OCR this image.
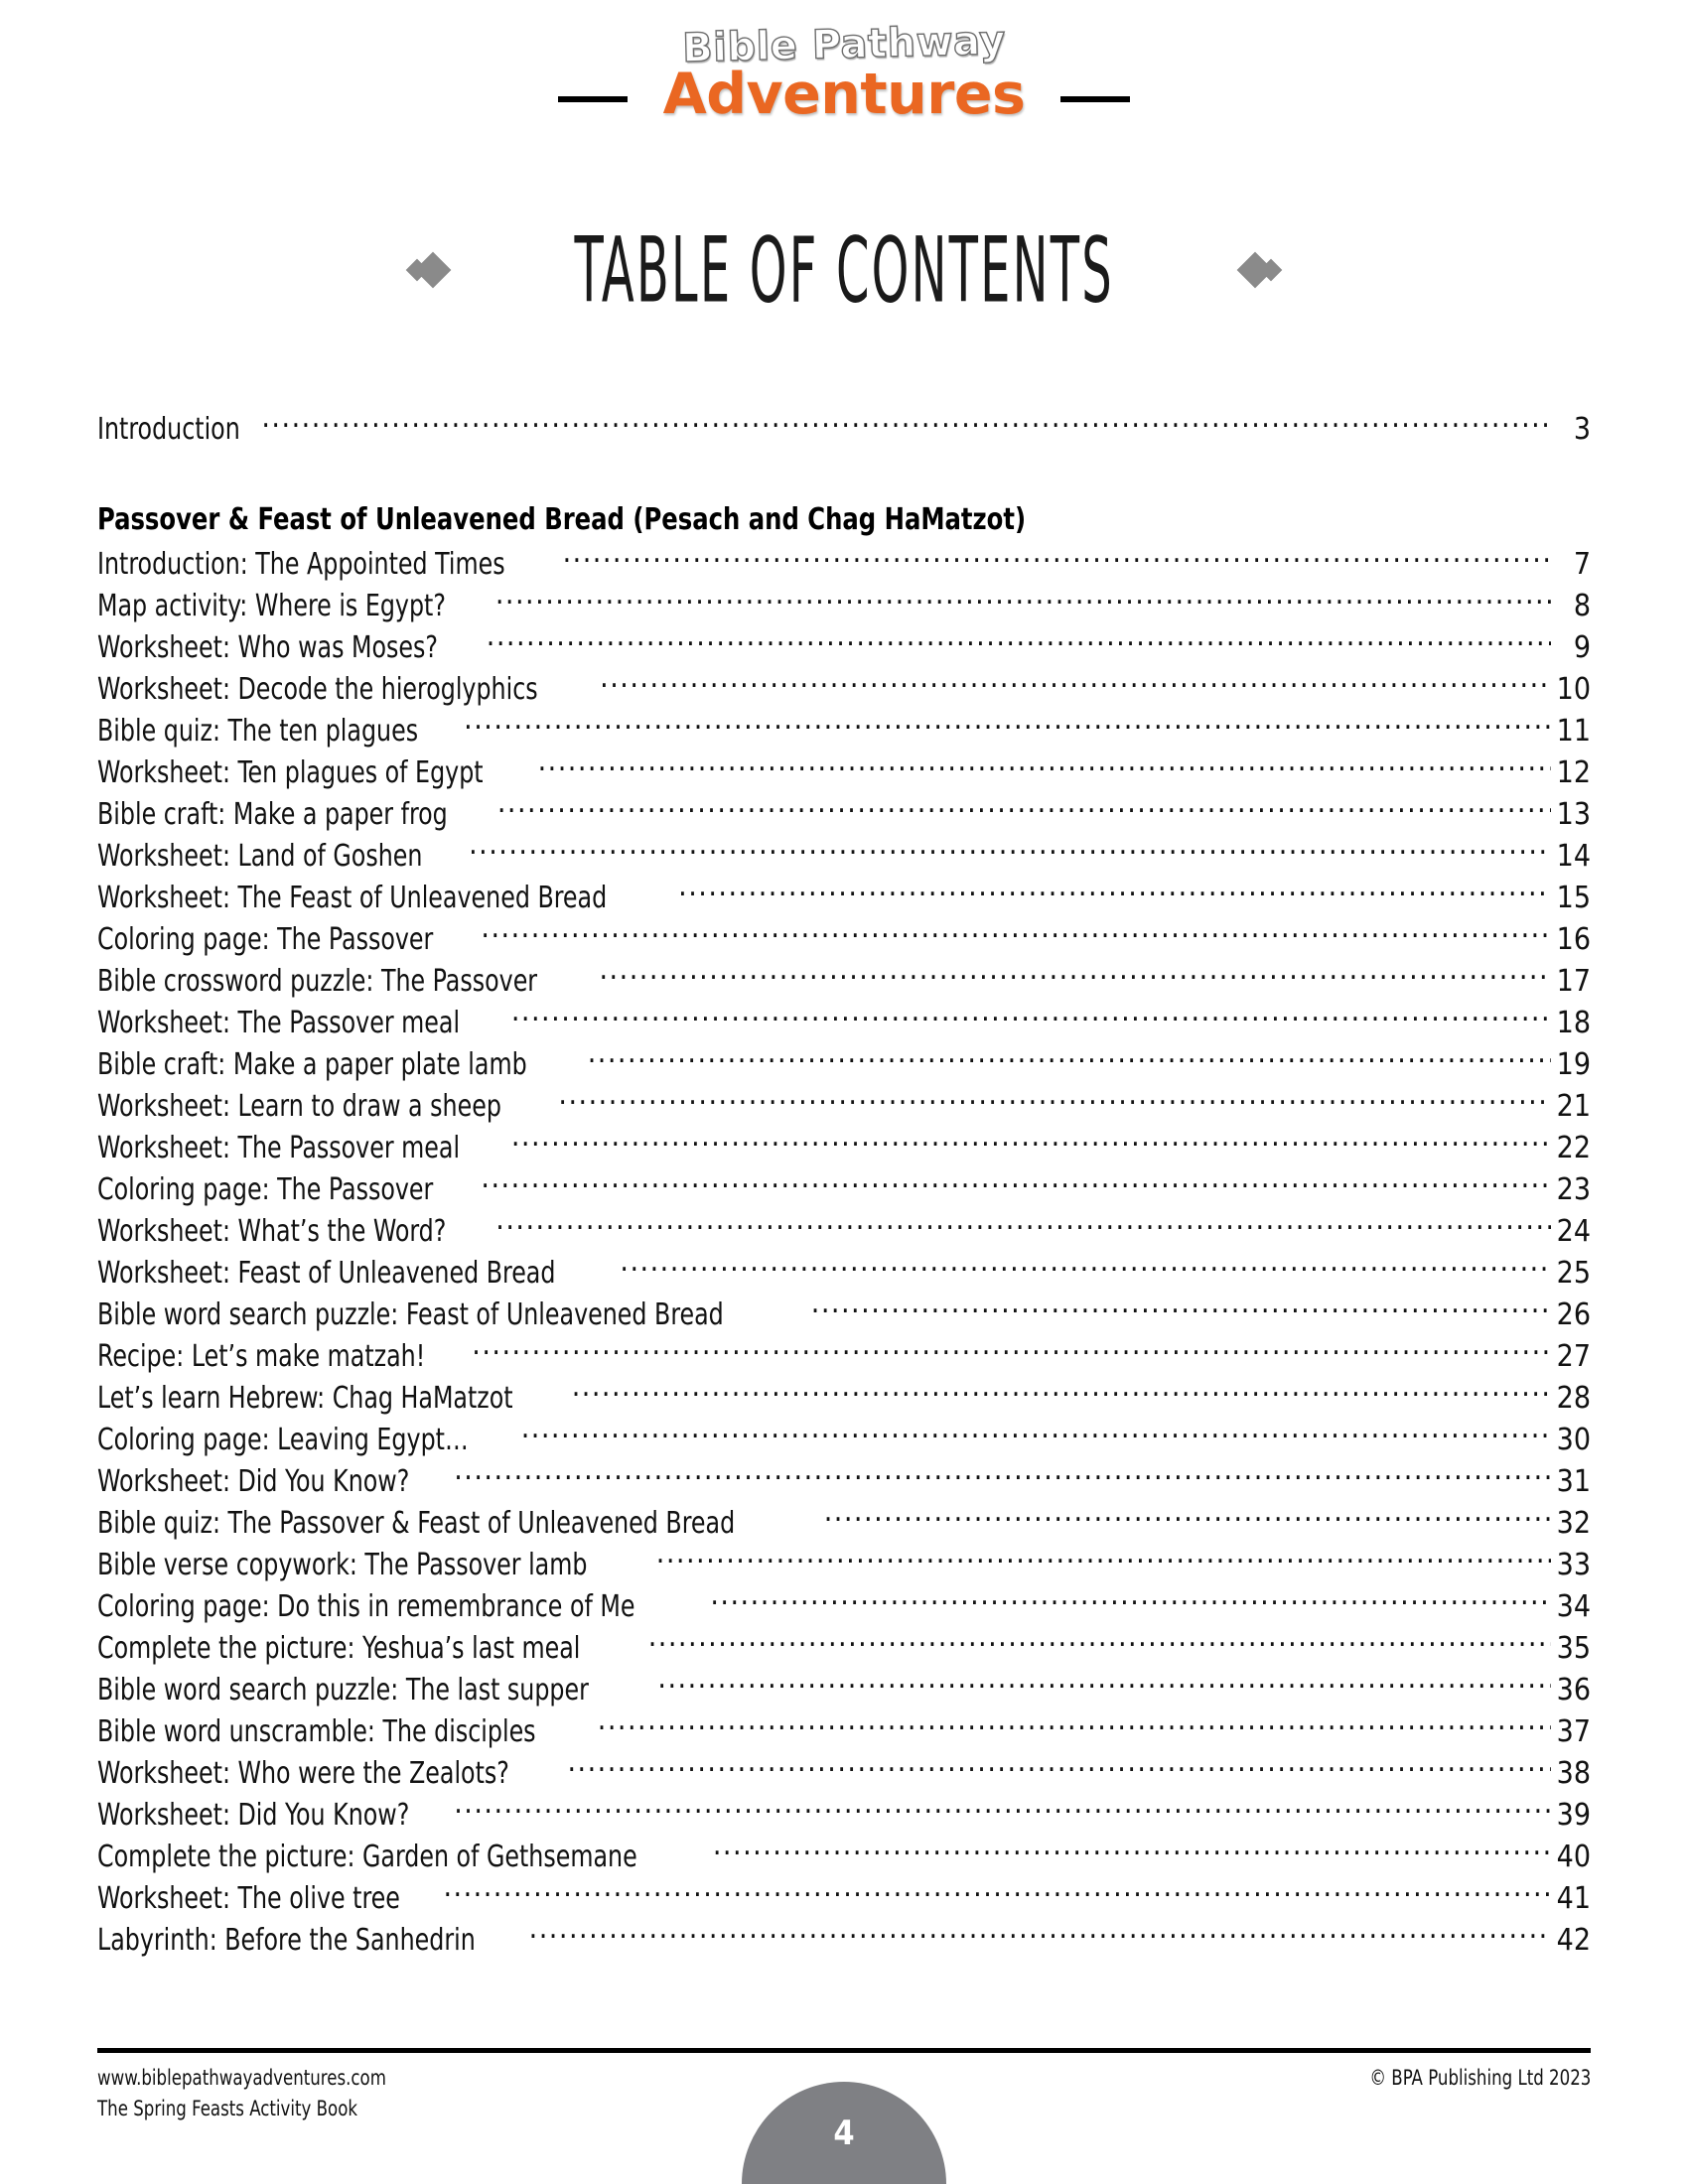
Bible Pathway
Adventures
TABLE OF CONTENTS
Introduction .....	3
Passover & Feast of Unleavened Bread (Pesach and Chag HaMatzot)
Introduction: The Appointed Times .....	7
Map activity: Where is Egypt? .....	8
Worksheet: Who was Moses? .....	9
Worksheet: Decode the hieroglyphics .....	10
Bible quiz: The ten plagues .....	11
Worksheet: Ten plagues of Egypt .....	12
Bible craft: Make a paper frog .....	13
Worksheet: Land of Goshen .....	14
Worksheet: The Feast of Unleavened Bread .....	15
Coloring page: The Passover .....	16
Bible crossword puzzle: The Passover .....	17
Worksheet: The Passover meal .....	18
Bible craft: Make a paper plate lamb .....	19
Worksheet: Learn to draw a sheep .....	21
Worksheet: The Passover meal .....	22
Coloring page: The Passover .....	23
Worksheet: What’s the Word? .....	24
Worksheet: Feast of Unleavened Bread .....	25
Bible word search puzzle: Feast of Unleavened Bread .....	26
Recipe: Let’s make matzah! .....	27
Let’s learn Hebrew: Chag HaMatzot .....	28
Coloring page: Leaving Egypt… .....	30
Worksheet: Did You Know? .....	31
Bible quiz: The Passover & Feast of Unleavened Bread .....	32
Bible verse copywork: The Passover lamb .....	33
Coloring page: Do this in remembrance of Me .....	34
Complete the picture: Yeshua’s last meal .....	35
Bible word search puzzle: The last supper .....	36
Bible word unscramble: The disciples .....	37
Worksheet: Who were the Zealots? .....	38
Worksheet: Did You Know? .....	39
Complete the picture: Garden of Gethsemane .....	40
Worksheet: The olive tree .....	41
Labyrinth: Before the Sanhedrin .....	42
www.biblepathwayadventures.com
The Spring Feasts Activity Book
© BPA Publishing Ltd 2023
4
